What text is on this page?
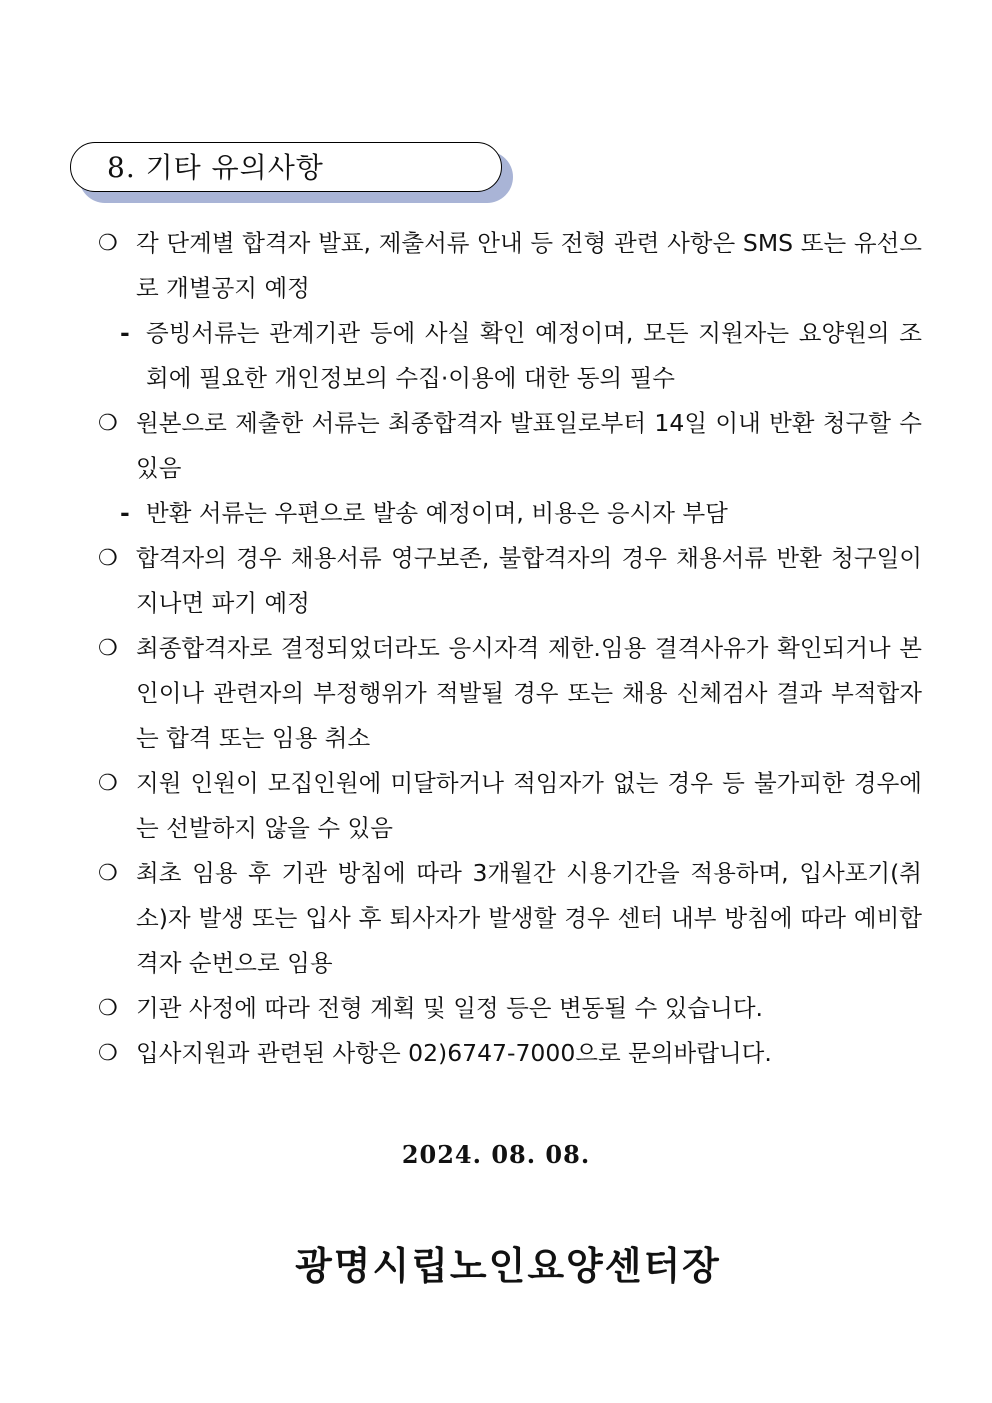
8. 기타 유의사항
❍ 각 단계별 합격자 발표, 제출서류 안내 등 전형 관련 사항은 SMS 또는 유선으로 개별공지 예정
- 증빙서류는 관계기관 등에 사실 확인 예정이며, 모든 지원자는 요양원의 조회에 필요한 개인정보의 수집·이용에 대한 동의 필수
❍ 원본으로 제출한 서류는 최종합격자 발표일로부터 14일 이내 반환 청구할 수 있음
- 반환 서류는 우편으로 발송 예정이며, 비용은 응시자 부담
❍ 합격자의 경우 채용서류 영구보존, 불합격자의 경우 채용서류 반환 청구일이 지나면 파기 예정
❍ 최종합격자로 결정되었더라도 응시자격 제한.임용 결격사유가 확인되거나 본인이나 관련자의 부정행위가 적발될 경우 또는 채용 신체검사 결과 부적합자는 합격 또는 임용 취소
❍ 지원 인원이 모집인원에 미달하거나 적임자가 없는 경우 등 불가피한 경우에는 선발하지 않을 수 있음
❍ 최초 임용 후 기관 방침에 따라 3개월간 시용기간을 적용하며, 입사포기(취소)자 발생 또는 입사 후 퇴사자가 발생할 경우 센터 내부 방침에 따라 예비합격자 순번으로 임용
❍ 기관 사정에 따라 전형 계획 및 일정 등은 변동될 수 있습니다.
❍ 입사지원과 관련된 사항은 02)6747-7000으로 문의바랍니다.
2024. 08. 08.
광명시립노인요양센터장
